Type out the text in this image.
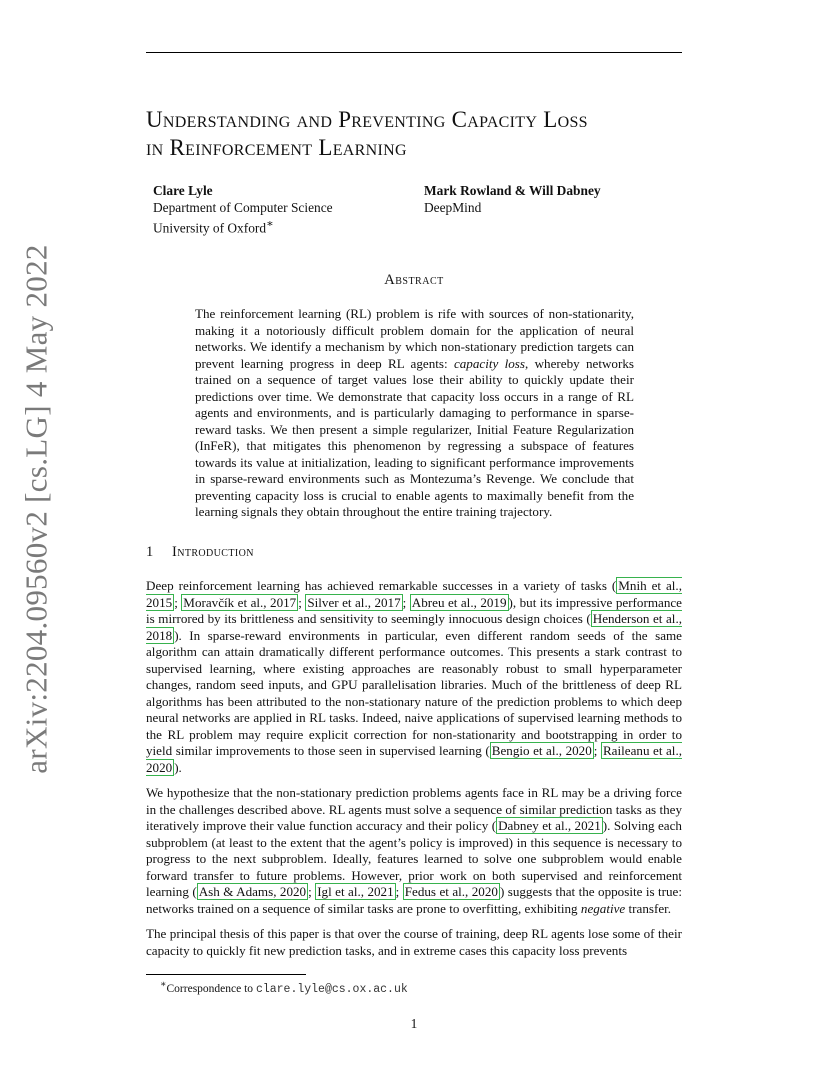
arXiv:2204.09560v2 [cs.LG] 4 May 2022
Understanding and Preventing Capacity Loss
in Reinforcement Learning
Clare Lyle
Department of Computer Science
University of Oxford∗
Mark Rowland & Will Dabney
DeepMind
Abstract

The reinforcement learning (RL) problem is rife with sources of non-stationarity, making it a notoriously difficult problem domain for the application of neural networks. We identify a mechanism by which non-stationary prediction targets can prevent learning progress in deep RL agents: capacity loss, whereby networks trained on a sequence of target values lose their ability to quickly update their predictions over time. We demonstrate that capacity loss occurs in a range of RL agents and environments, and is particularly damaging to performance in sparse-reward tasks. We then present a simple regularizer, Initial Feature Regularization (InFeR), that mitigates this phenomenon by regressing a subspace of features towards its value at initialization, leading to significant performance improvements in sparse-reward environments such as Montezuma’s Revenge. We conclude that preventing capacity loss is crucial to enable agents to maximally benefit from the learning signals they obtain throughout the entire training trajectory.

1 Introduction

Deep reinforcement learning has achieved remarkable successes in a variety of tasks ( Mnih et al., 2015 ; Moravčík et al., 2017 ; Silver et al., 2017 ; Abreu et al., 2019 ), but its impressive performance is mirrored by its brittleness and sensitivity to seemingly innocuous design choices ( Henderson et al., 2018 ). In sparse-reward environments in particular, even different random seeds of the same algorithm can attain dramatically different performance outcomes. This presents a stark contrast to supervised learning, where existing approaches are reasonably robust to small hyperparameter changes, random seed inputs, and GPU parallelisation libraries. Much of the brittleness of deep RL algorithms has been attributed to the non-stationary nature of the prediction problems to which deep neural networks are applied in RL tasks. Indeed, naive applications of supervised learning methods to the RL problem may require explicit correction for non-stationarity and bootstrapping in order to yield similar improvements to those seen in supervised learning ( Bengio et al., 2020 ; Raileanu et al., 2020 ).

We hypothesize that the non-stationary prediction problems agents face in RL may be a driving force in the challenges described above. RL agents must solve a sequence of similar prediction tasks as they iteratively improve their value function accuracy and their policy ( Dabney et al., 2021 ). Solving each subproblem (at least to the extent that the agent’s policy is improved) in this sequence is necessary to progress to the next subproblem. Ideally, features learned to solve one subproblem would enable forward transfer to future problems. However, prior work on both supervised and reinforcement learning ( Ash & Adams, 2020 ; Igl et al., 2021 ; Fedus et al., 2020 ) suggests that the opposite is true: networks trained on a sequence of similar tasks are prone to overfitting, exhibiting negative transfer.

The principal thesis of this paper is that over the course of training, deep RL agents lose some of their capacity to quickly fit new prediction tasks, and in extreme cases this capacity loss prevents

∗Correspondence to clare.lyle@cs.ox.ac.uk
1
